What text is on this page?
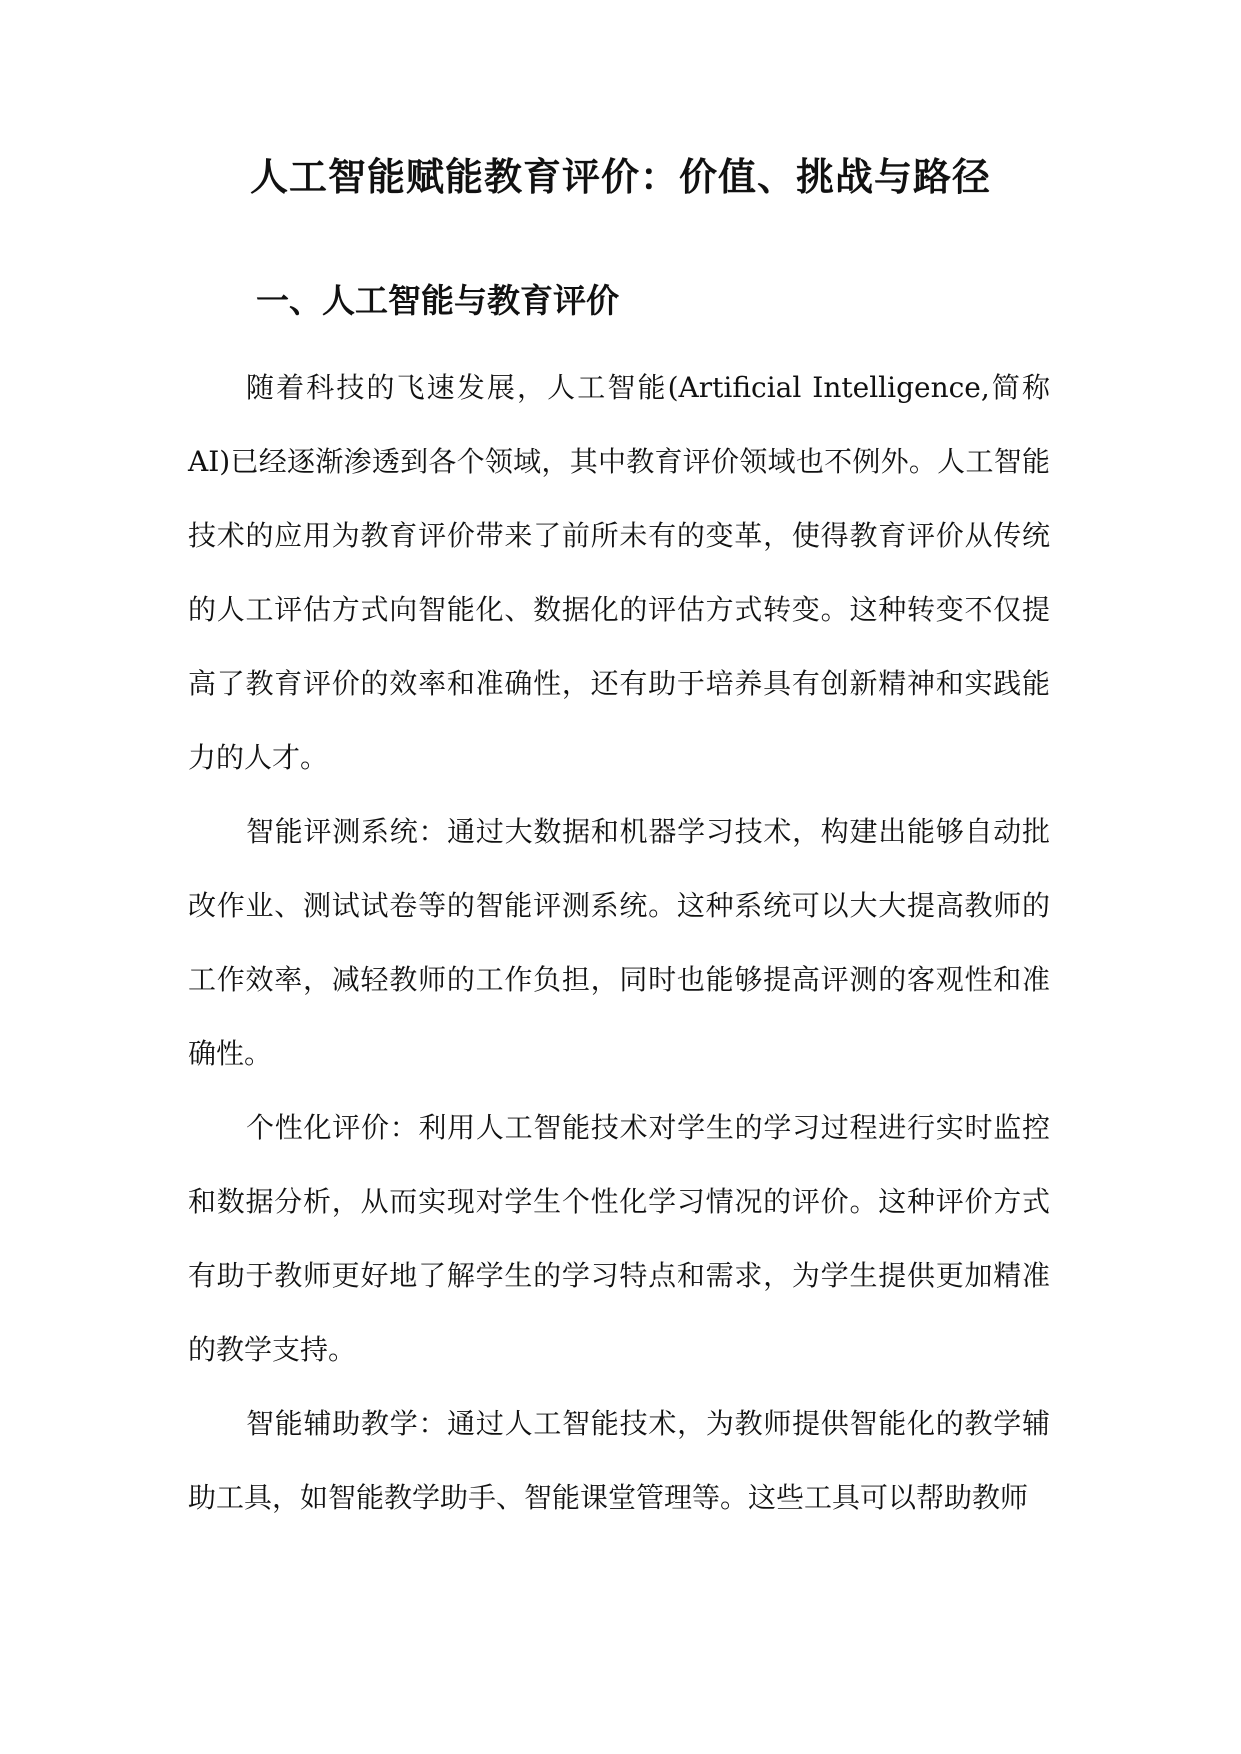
人工智能赋能教育评价：价值、挑战与路径
一、人工智能与教育评价

随着科技的飞速发展，人工智能(Artificial Intelligence,简称AI)已经逐渐渗透到各个领域，其中教育评价领域也不例外。人工智能技术的应用为教育评价带来了前所未有的变革，使得教育评价从传统的人工评估方式向智能化、数据化的评估方式转变。这种转变不仅提高了教育评价的效率和准确性，还有助于培养具有创新精神和实践能力的人才。

智能评测系统：通过大数据和机器学习技术，构建出能够自动批改作业、测试试卷等的智能评测系统。这种系统可以大大提高教师的工作效率，减轻教师的工作负担，同时也能够提高评测的客观性和准确性。

个性化评价：利用人工智能技术对学生的学习过程进行实时监控和数据分析，从而实现对学生个性化学习情况的评价。这种评价方式有助于教师更好地了解学生的学习特点和需求，为学生提供更加精准的教学支持。

智能辅助教学：通过人工智能技术，为教师提供智能化的教学辅助工具，如智能教学助手、智能课堂管理等。这些工具可以帮助教师
